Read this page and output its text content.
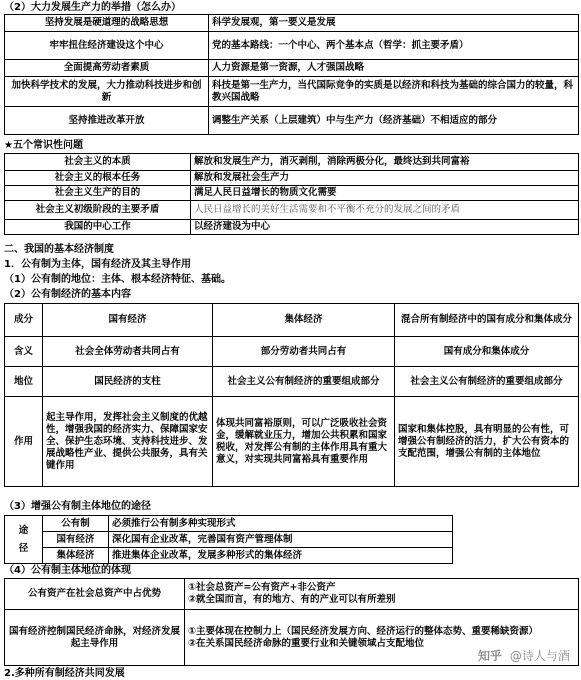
（2）大力发展生产力的举措（怎么办）
坚持发展是硬道理的战略思想	科学发展观，第一要义是发展
牢牢扭住经济建设这个中心	党的基本路线：一个中心、两个基本点（哲学：抓主要矛盾）
全面提高劳动者素质	人力资源是第一资源，人才强国战略
加快科学技术的发展，大力推动科技进步和创新	科技是第一生产力，当代国际竞争的实质是以经济和科技为基础的综合国力的较量，科教兴国战略
坚持推进改革开放	调整生产关系（上层建筑）中与生产力（经济基础）不相适应的部分
★五个常识性问题
社会主义的本质	解放和发展生产力，消灭剥削，消除两极分化，最终达到共同富裕
社会主义的根本任务	解放和发展社会生产力
社会主义生产的目的	满足人民日益增长的物质文化需要
社会主义初级阶段的主要矛盾	人民日益增长的美好生活需要和不平衡不充分的发展之间的矛盾
我国的中心工作	以经济建设为中心
二、我国的基本经济制度
1．公有制为主体，国有经济及其主导作用
（1）公有制的地位：主体、根本经济特征、基础。
（2）公有制经济的基本内容
成分	国有经济	集体经济	混合所有制经济中的国有成分和集体成分
含义	社会全体劳动者共同占有	部分劳动者共同占有	国有成分和集体成分
地位	国民经济的支柱	社会主义公有制经济的重要组成部分	社会主义公有制经济的重要组成部分
作用	起主导作用，发挥社会主义制度的优越性，增强我国的经济实力、保障国家安全、保护生态环境、支持科技进步、发展战略性产业、提供公共服务，具有关键作用	体现共同富裕原则，可以广泛吸收社会资金，缓解就业压力，增加公共积累和国家税收，对发挥公有制的主体作用具有重大意义，对实现共同富裕具有重要作用	国家和集体控股，具有明显的公有性，可增强公有制经济的活力，扩大公有资本的支配范围，增强公有制的主体地位
（3）增强公有制主体地位的途径
途径	公有制	必须推行公有制多种实现形式
	国有经济	深化国有企业改革，完善国有资产管理体制
	集体经济	推进集体企业改革，发展多种形式的集体经济
（4）公有制主体地位的体现
公有资产在社会总资产中占优势	①社会总资产=公有资产+非公资产
②就全国而言，有的地方、有的产业可以有所差别

国有经济控制国民经济命脉，对经济发展起主导作用	①主要体现在控制力上（国民经济发展方向、经济运行的整体态势、重要稀缺资源）
②在关系国民经济命脉的重要行业和关键领域占支配地位
2.多种所有制经济共同发展
知乎 @诗人与酒
